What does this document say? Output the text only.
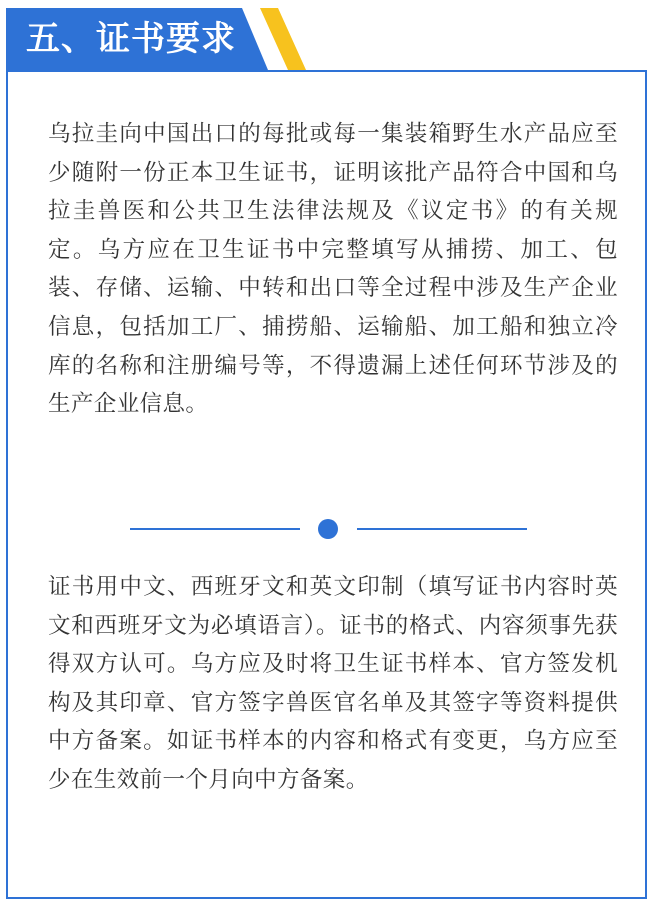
五、证书要求

乌拉圭向中国出口的每批或每一集装箱野生水产品应至少随附一份正本卫生证书，证明该批产品符合中国和乌拉圭兽医和公共卫生法律法规及《议定书》的有关规定。乌方应在卫生证书中完整填写从捕捞、加工、包装、存储、运输、中转和出口等全过程中涉及生产企业信息，包括加工厂、捕捞船、运输船、加工船和独立冷库的名称和注册编号等，不得遗漏上述任何环节涉及的生产企业信息。

证书用中文、西班牙文和英文印制（填写证书内容时英文和西班牙文为必填语言）。证书的格式、内容须事先获得双方认可。乌方应及时将卫生证书样本、官方签发机构及其印章、官方签字兽医官名单及其签字等资料提供中方备案。如证书样本的内容和格式有变更，乌方应至少在生效前一个月向中方备案。
